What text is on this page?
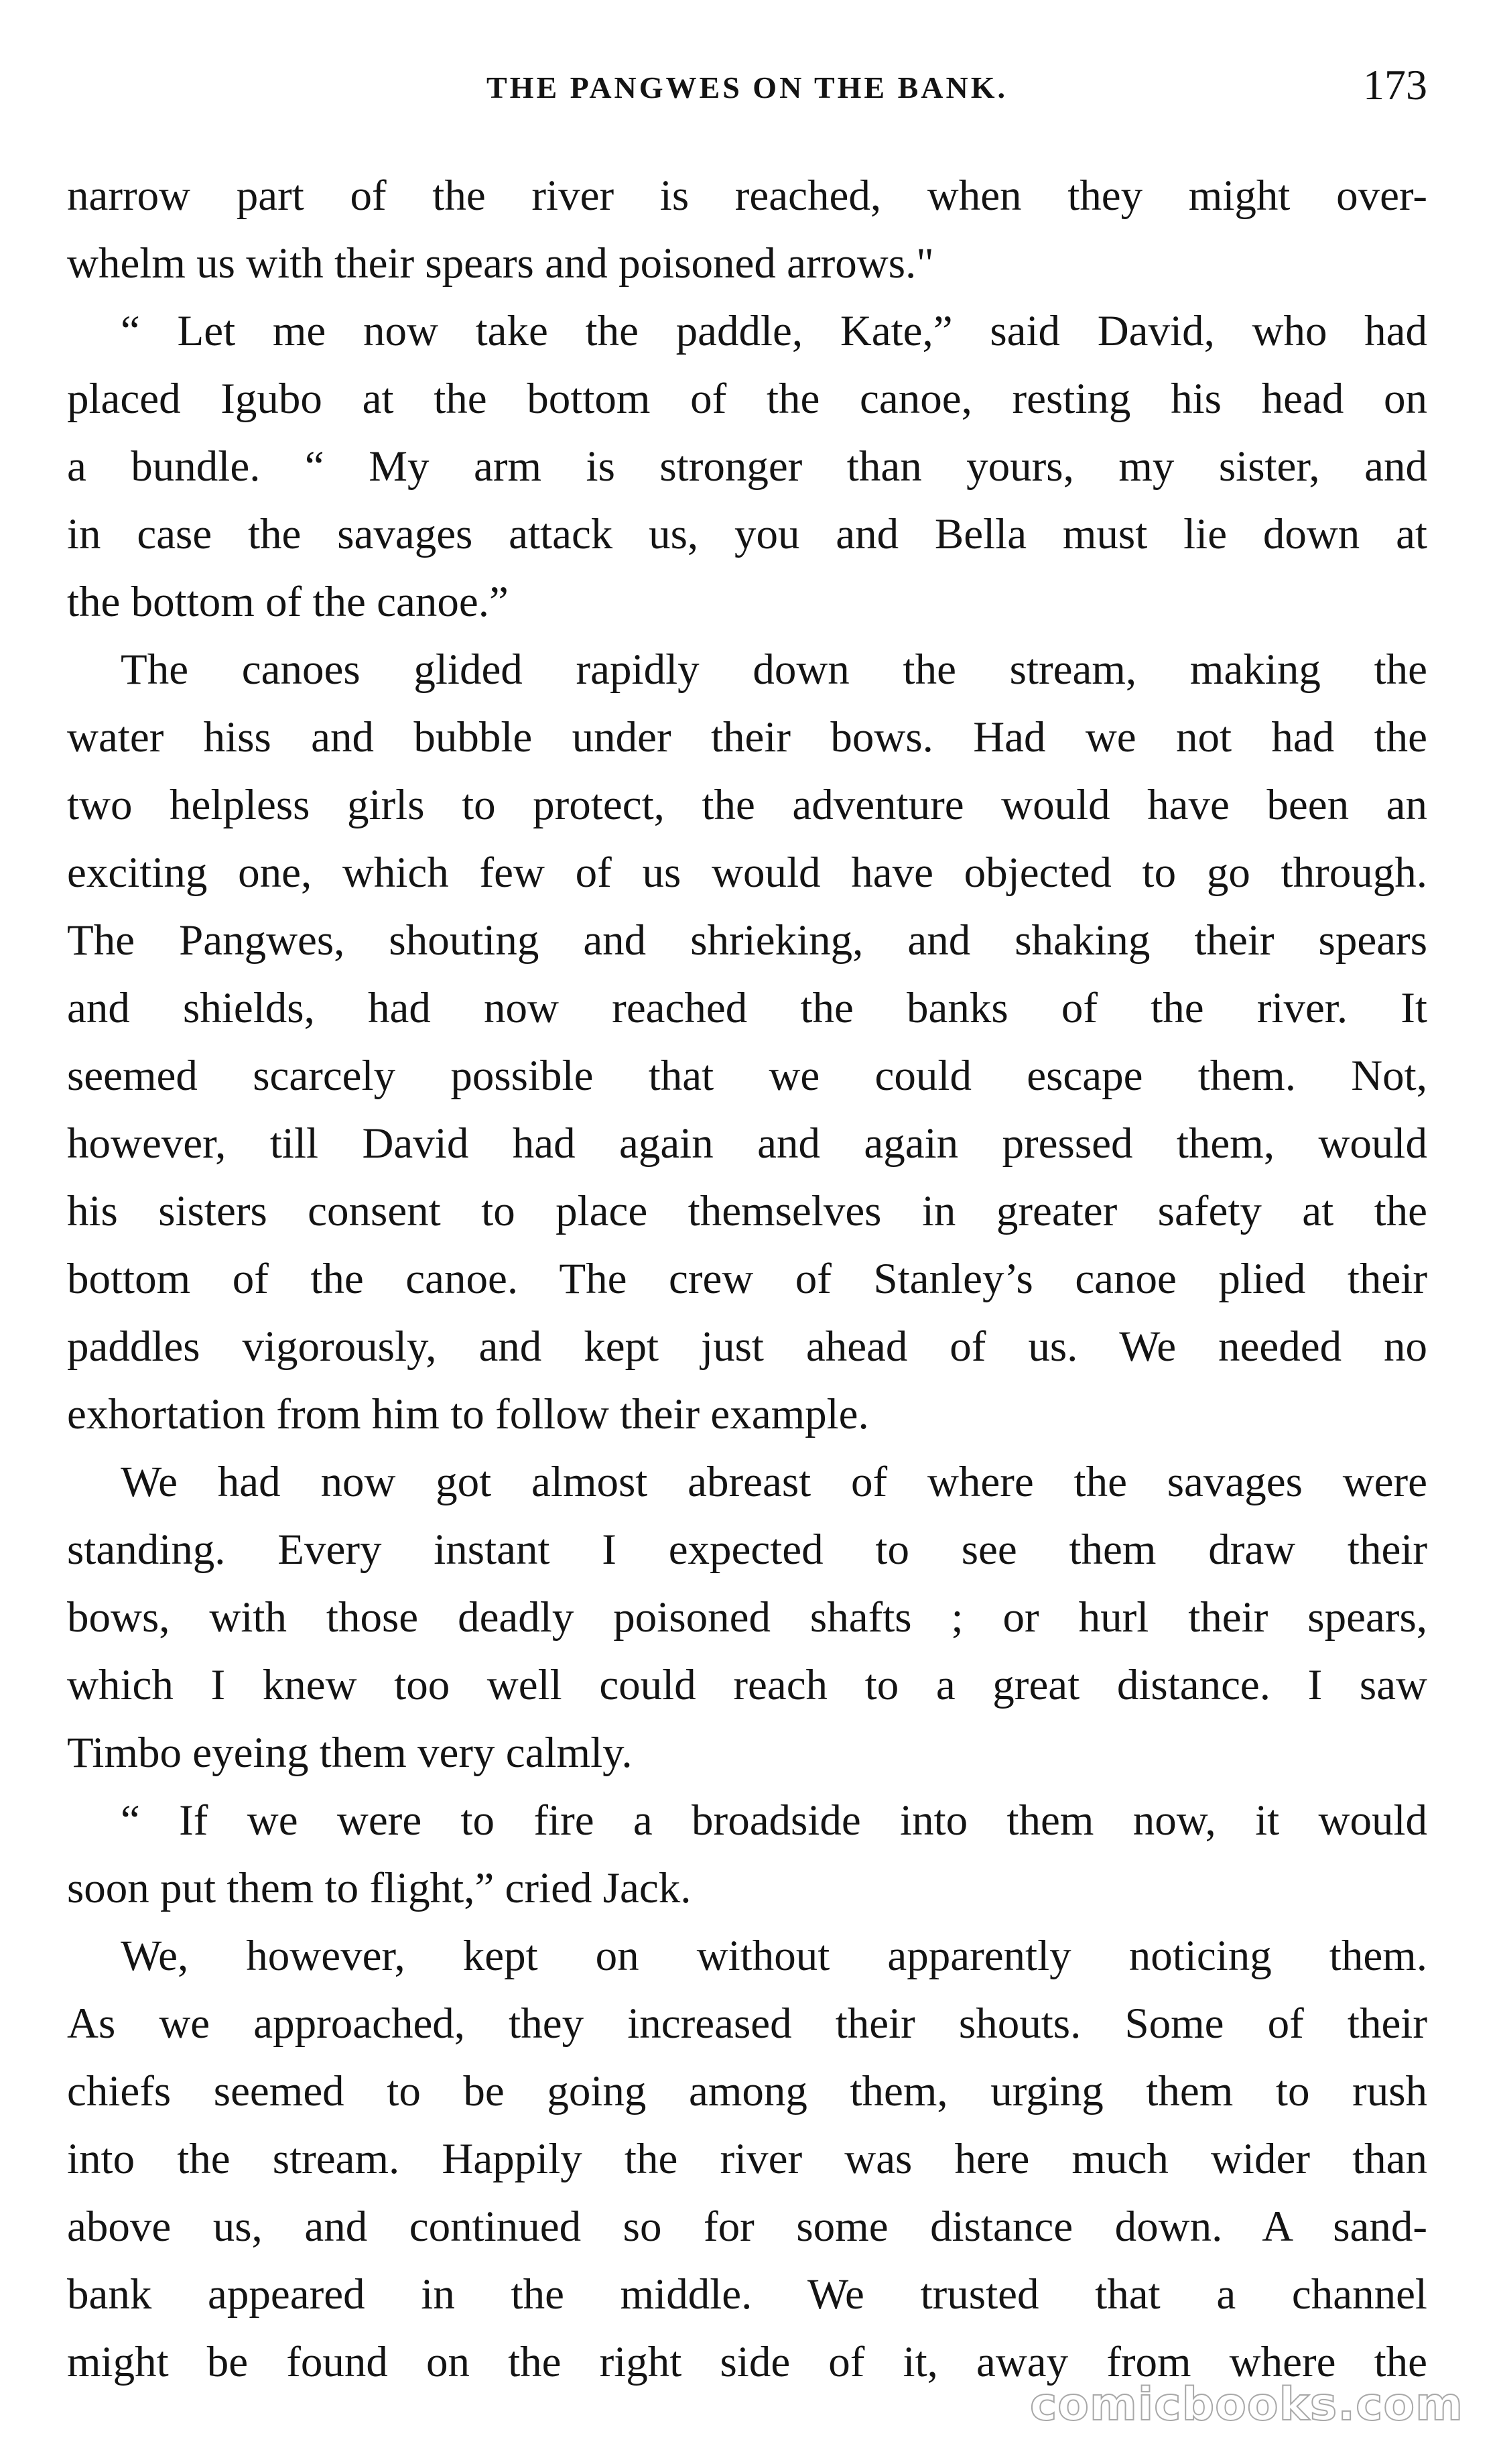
THE PANGWES ON THE BANK.	173

narrow part of the river is reached, when they might over-
whelm us with their spears and poisoned arrows."

“ Let me now take the paddle, Kate,” said David, who had
placed Igubo at the bottom of the canoe, resting his head on
a bundle. “ My arm is stronger than yours, my sister, and
in case the savages attack us, you and Bella must lie down at
the bottom of the canoe.”

The canoes glided rapidly down the stream, making the
water hiss and bubble under their bows. Had we not had the
two helpless girls to protect, the adventure would have been an
exciting one, which few of us would have objected to go through.
The Pangwes, shouting and shrieking, and shaking their spears
and shields, had now reached the banks of the river. It
seemed scarcely possible that we could escape them. Not,
however, till David had again and again pressed them, would
his sisters consent to place themselves in greater safety at the
bottom of the canoe. The crew of Stanley’s canoe plied their
paddles vigorously, and kept just ahead of us. We needed no
exhortation from him to follow their example.

We had now got almost abreast of where the savages were
standing. Every instant I expected to see them draw their
bows, with those deadly poisoned shafts ; or hurl their spears,
which I knew too well could reach to a great distance. I saw
Timbo eyeing them very calmly.

“ If we were to fire a broadside into them now, it would
soon put them to flight,” cried Jack.

We, however, kept on without apparently noticing them.
As we approached, they increased their shouts. Some of their
chiefs seemed to be going among them, urging them to rush
into the stream. Happily the river was here much wider than
above us, and continued so for some distance down. A sand-
bank appeared in the middle. We trusted that a channel
might be found on the right side of it, away from where the

comicbooks.com
